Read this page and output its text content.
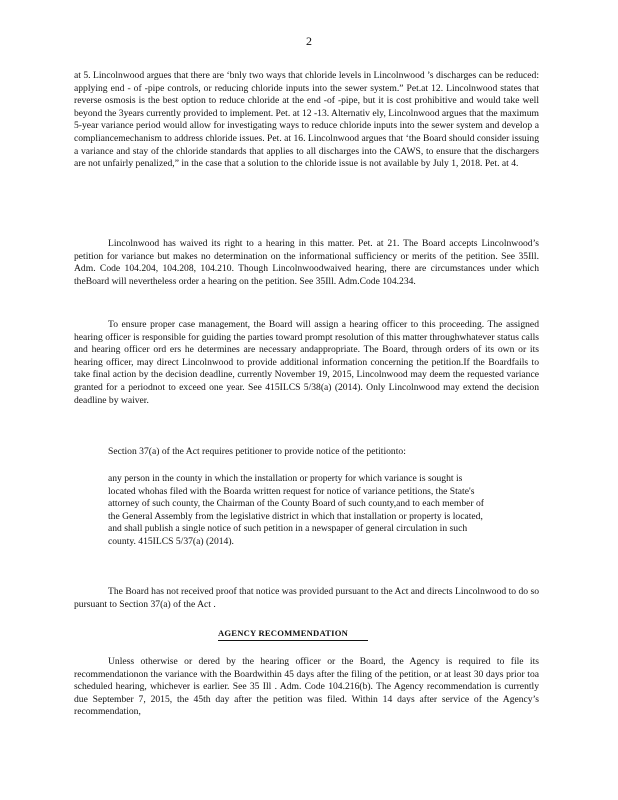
2

at 5. Lincolnwood argues that there are ‘bnly two ways that chloride levels in Lincolnwood ’s discharges can be reduced: applying end - of -pipe controls, or reducing chloride inputs into the sewer system.” Pet.at 12. Lincolnwood states that reverse osmosis is the best option to reduce chloride at the end -of -pipe, but it is cost prohibitive and would take well beyond the 3years currently provided to implement. Pet. at 12 -13. Alternativ ely, Lincolnwood argues that the maximum 5-year variance period would allow for investigating ways to reduce chloride inputs into the sewer system and develop a compliancemechanism to address chloride issues. Pet. at 16. Lincolnwood argues that ‘the Board should consider issuing a variance and stay of the chloride standards that applies to all discharges into the CAWS, to ensure that the dischargers are not unfairly penalized,” in the case that a solution to the chloride issue is not available by July 1, 2018. Pet. at 4.

Lincolnwood has waived its right to a hearing in this matter. Pet. at 21. The Board accepts Lincolnwood’s petition for variance but makes no determination on the informational sufficiency or merits of the petition. See 35Ill. Adm. Code 104.204, 104.208, 104.210. Though Lincolnwoodwaived hearing, there are circumstances under which theBoard will nevertheless order a hearing on the petition. See 35Ill. Adm.Code 104.234.

To ensure proper case management, the Board will assign a hearing officer to this proceeding. The assigned hearing officer is responsible for guiding the parties toward prompt resolution of this matter throughwhatever status calls and hearing officer ord ers he determines are necessary andappropriate. The Board, through orders of its own or its hearing officer, may direct Lincolnwood to provide additional information concerning the petition.If the Boardfails to take final action by the decision deadline, currently November 19, 2015, Lincolnwood may deem the requested variance granted for a periodnot to exceed one year. See 415ILCS 5/38(a) (2014). Only Lincolnwood may extend the decision deadline by waiver.

Section 37(a) of the Act requires petitioner to provide notice of the petitionto:

any person in the county in which the installation or property for which variance is sought is located whohas filed with the Boarda written request for notice of variance petitions, the State's attorney of such county, the Chairman of the County Board of such county,and to each member of the General Assembly from the legislative district in which that installation or property is located, and shall publish a single notice of such petition in a newspaper of general circulation in such county. 415ILCS 5/37(a) (2014).

The Board has not received proof that notice was provided pursuant to the Act and directs Lincolnwood to do so pursuant to Section 37(a) of the Act .

AGENCY RECOMMENDATION

Unless otherwise or dered by the hearing officer or the Board, the Agency is required to file its recommendationon the variance with the Boardwithin 45 days after the filing of the petition, or at least 30 days prior toa scheduled hearing, whichever is earlier. See 35 Ill . Adm. Code 104.216(b). The Agency recommendation is currently due September 7, 2015, the 45th day after the petition was filed. Within 14 days after service of the Agency’s recommendation,
